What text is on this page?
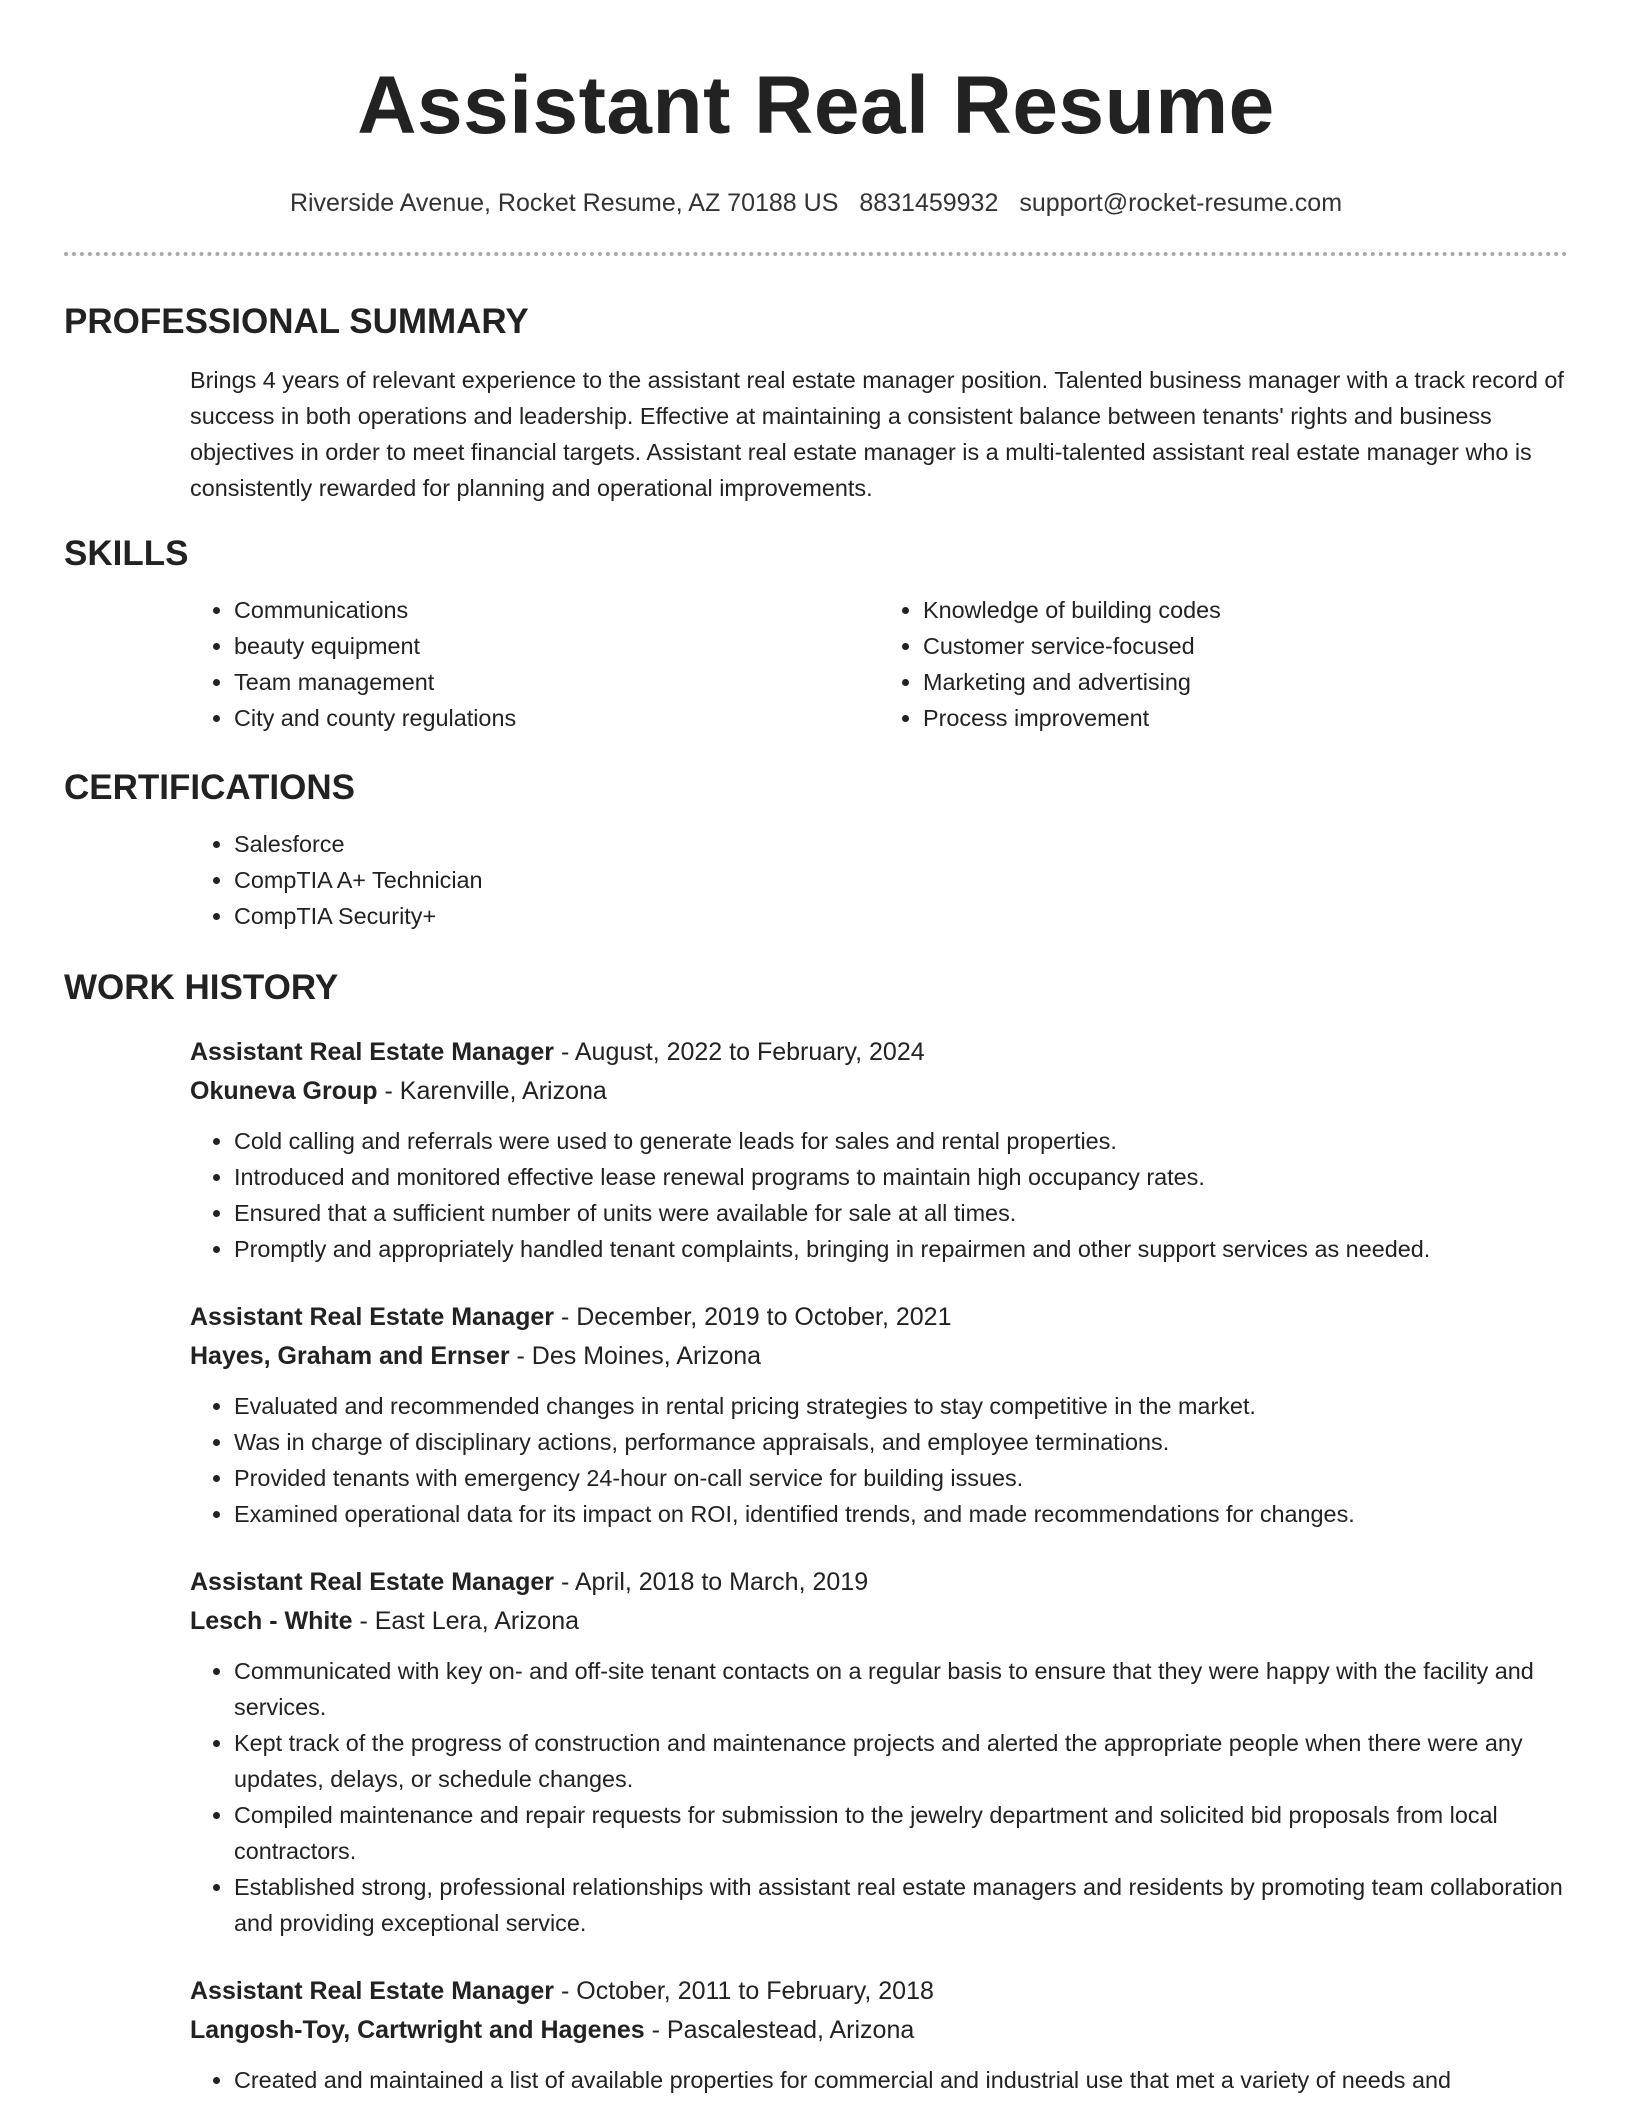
Assistant Real Resume
Riverside Avenue, Rocket Resume, AZ 70188 US 8831459932 support@rocket-resume.com
PROFESSIONAL SUMMARY

Brings 4 years of relevant experience to the assistant real estate manager position. Talented business manager with a track record of success in both operations and leadership. Effective at maintaining a consistent balance between tenants' rights and business objectives in order to meet financial targets. Assistant real estate manager is a multi-talented assistant real estate manager who is consistently rewarded for planning and operational improvements.

SKILLS
• Communications
• beauty equipment
• Team management
• City and county regulations
• Knowledge of building codes
• Customer service-focused
• Marketing and advertising
• Process improvement
CERTIFICATIONS
• Salesforce
• CompTIA A+ Technician
• CompTIA Security+
WORK HISTORY
Assistant Real Estate Manager - August, 2022 to February, 2024
Okuneva Group - Karenville, Arizona
• Cold calling and referrals were used to generate leads for sales and rental properties.
• Introduced and monitored effective lease renewal programs to maintain high occupancy rates.
• Ensured that a sufficient number of units were available for sale at all times.
• Promptly and appropriately handled tenant complaints, bringing in repairmen and other support services as needed.
Assistant Real Estate Manager - December, 2019 to October, 2021
Hayes, Graham and Ernser - Des Moines, Arizona
• Evaluated and recommended changes in rental pricing strategies to stay competitive in the market.
• Was in charge of disciplinary actions, performance appraisals, and employee terminations.
• Provided tenants with emergency 24-hour on-call service for building issues.
• Examined operational data for its impact on ROI, identified trends, and made recommendations for changes.
Assistant Real Estate Manager - April, 2018 to March, 2019
Lesch - White - East Lera, Arizona
• Communicated with key on- and off-site tenant contacts on a regular basis to ensure that they were happy with the facility and services.
• Kept track of the progress of construction and maintenance projects and alerted the appropriate people when there were any updates, delays, or schedule changes.
• Compiled maintenance and repair requests for submission to the jewelry department and solicited bid proposals from local contractors.
• Established strong, professional relationships with assistant real estate managers and residents by promoting team collaboration and providing exceptional service.
Assistant Real Estate Manager - October, 2011 to February, 2018
Langosh-Toy, Cartwright and Hagenes - Pascalestead, Arizona
• Created and maintained a list of available properties for commercial and industrial use that met a variety of needs and
